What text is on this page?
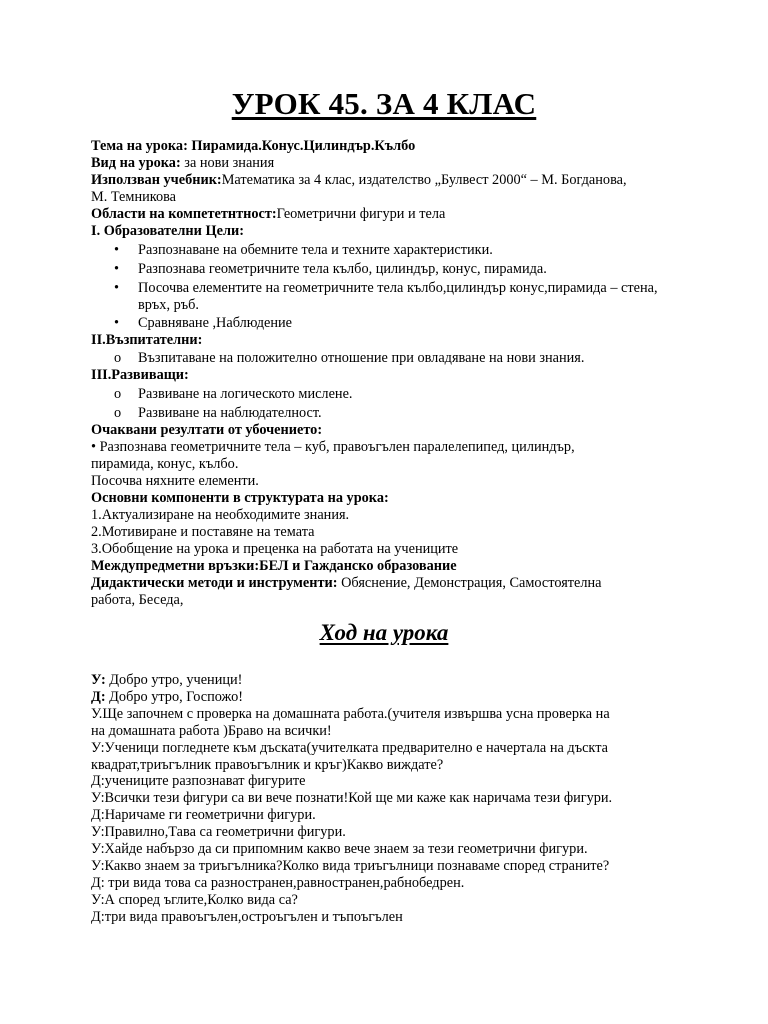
УРОК 45. ЗА 4 КЛАС

Тема на урока: Пирамида.Конус.Цилиндър.Кълбо

Вид на урока: за нови знания

Използван учебник:Математика за 4 клас, издателство „Булвест 2000“ – М. Богданова,

М. Темникова

Области на компететнтност:Геометрични фигури и тела

I. Образователни Цели:

• Разпознаване на обемните тела и техните характеристики.

• Разпознава геометричните тела кълбо, цилиндър, конус, пирамида.

• Посочва елементите на геометричните тела кълбо,цилиндър конус,пирамида – стена, връх, ръб.

• Сравняване ,Наблюдение

II.Възпитателни:

o Възпитаване на положително отношение при овладяване на нови знания.

III.Развиващи:

o Развиване на логическото мислене.

o Развиване на наблюдателност.

Очаквани резултати от убочението:

• Разпознава геометричните тела – куб, правоъгълен паралелепипед, цилиндър,

пирамида, конус, кълбо.

Посочва няхните елементи.

Основни компоненти в структурата на урока:

1.Актуализиране на необходимите знания.

2.Мотивиране и поставяне на темата

3.Обобщение на урока и преценка на работата на учениците

Междупредметни връзки:БЕЛ и Гажданско образование

Дидактически методи и инструменти: Обяснение, Демонстрация, Самостоятелна

работа, Беседа,

Ход на урока

У: Добро утро, ученици!

Д: Добро утро, Госпожо!

У.Ще започнем с проверка на домашната работа.(учителя извършва усна проверка на

на домашната работа )Браво на всички!

У:Ученици погледнете към дъската(учителката предварително е начертала на дъскта

квадрат,триъгълник правоъгълник и кръг)Какво виждате?

Д:учениците разпознават фигурите

У:Всички тези фигури са ви вече познати!Кой ще ми каже как наричама тези фигури.

Д:Наричаме ги геометрични фигури.

У:Правилно,Тава са геометрични фигури.

У:Хайде набързо да си припомним какво вече знаем за тези геометрични фигури.

У:Какво знаем за триъгълника?Колко вида триъгълници познаваме според страните?

Д: три вида това са разностранен,равностранен,рабнобедрен.

У:А според ъглите,Колко вида са?

Д:три вида правоъгълен,остроъгълен и тъпоъгълен
